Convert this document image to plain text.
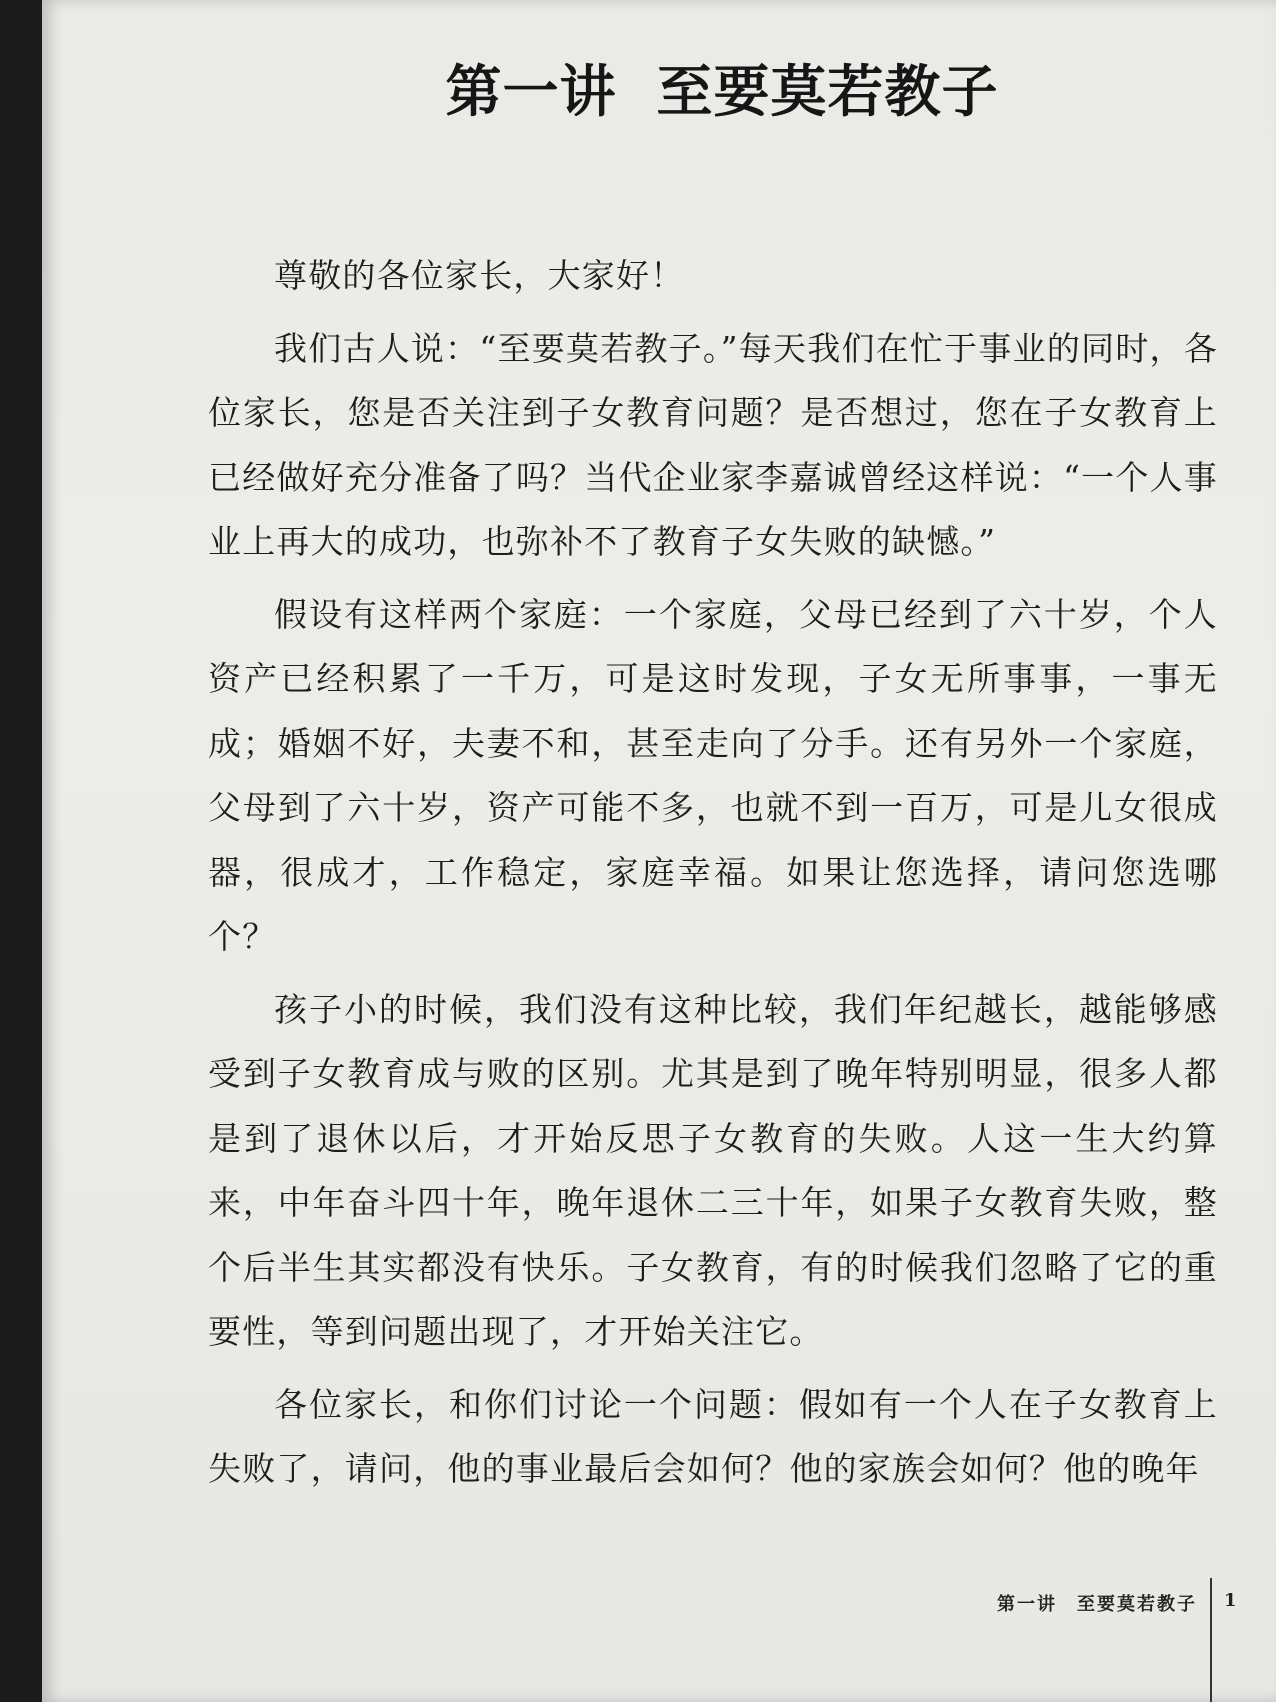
第一讲 至要莫若教子

尊敬的各位家长，大家好！

我们古人说：“至要莫若教子。”每天我们在忙于事业的同时，各位家长，您是否关注到子女教育问题？是否想过，您在子女教育上已经做好充分准备了吗？当代企业家李嘉诚曾经这样说：“一个人事业上再大的成功，也弥补不了教育子女失败的缺憾。”

假设有这样两个家庭：一个家庭，父母已经到了六十岁，个人资产已经积累了一千万，可是这时发现，子女无所事事，一事无成；婚姻不好，夫妻不和，甚至走向了分手。还有另外一个家庭，父母到了六十岁，资产可能不多，也就不到一百万，可是儿女很成器，很成才，工作稳定，家庭幸福。如果让您选择，请问您选哪个？

孩子小的时候，我们没有这种比较，我们年纪越长，越能够感受到子女教育成与败的区别。尤其是到了晚年特别明显，很多人都是到了退休以后，才开始反思子女教育的失败。人这一生大约算来，中年奋斗四十年，晚年退休二三十年，如果子女教育失败，整个后半生其实都没有快乐。子女教育，有的时候我们忽略了它的重要性，等到问题出现了，才开始关注它。

各位家长，和你们讨论一个问题：假如有一个人在子女教育上失败了，请问，他的事业最后会如何？他的家族会如何？他的晚年

第一讲　至要莫若教子 1
